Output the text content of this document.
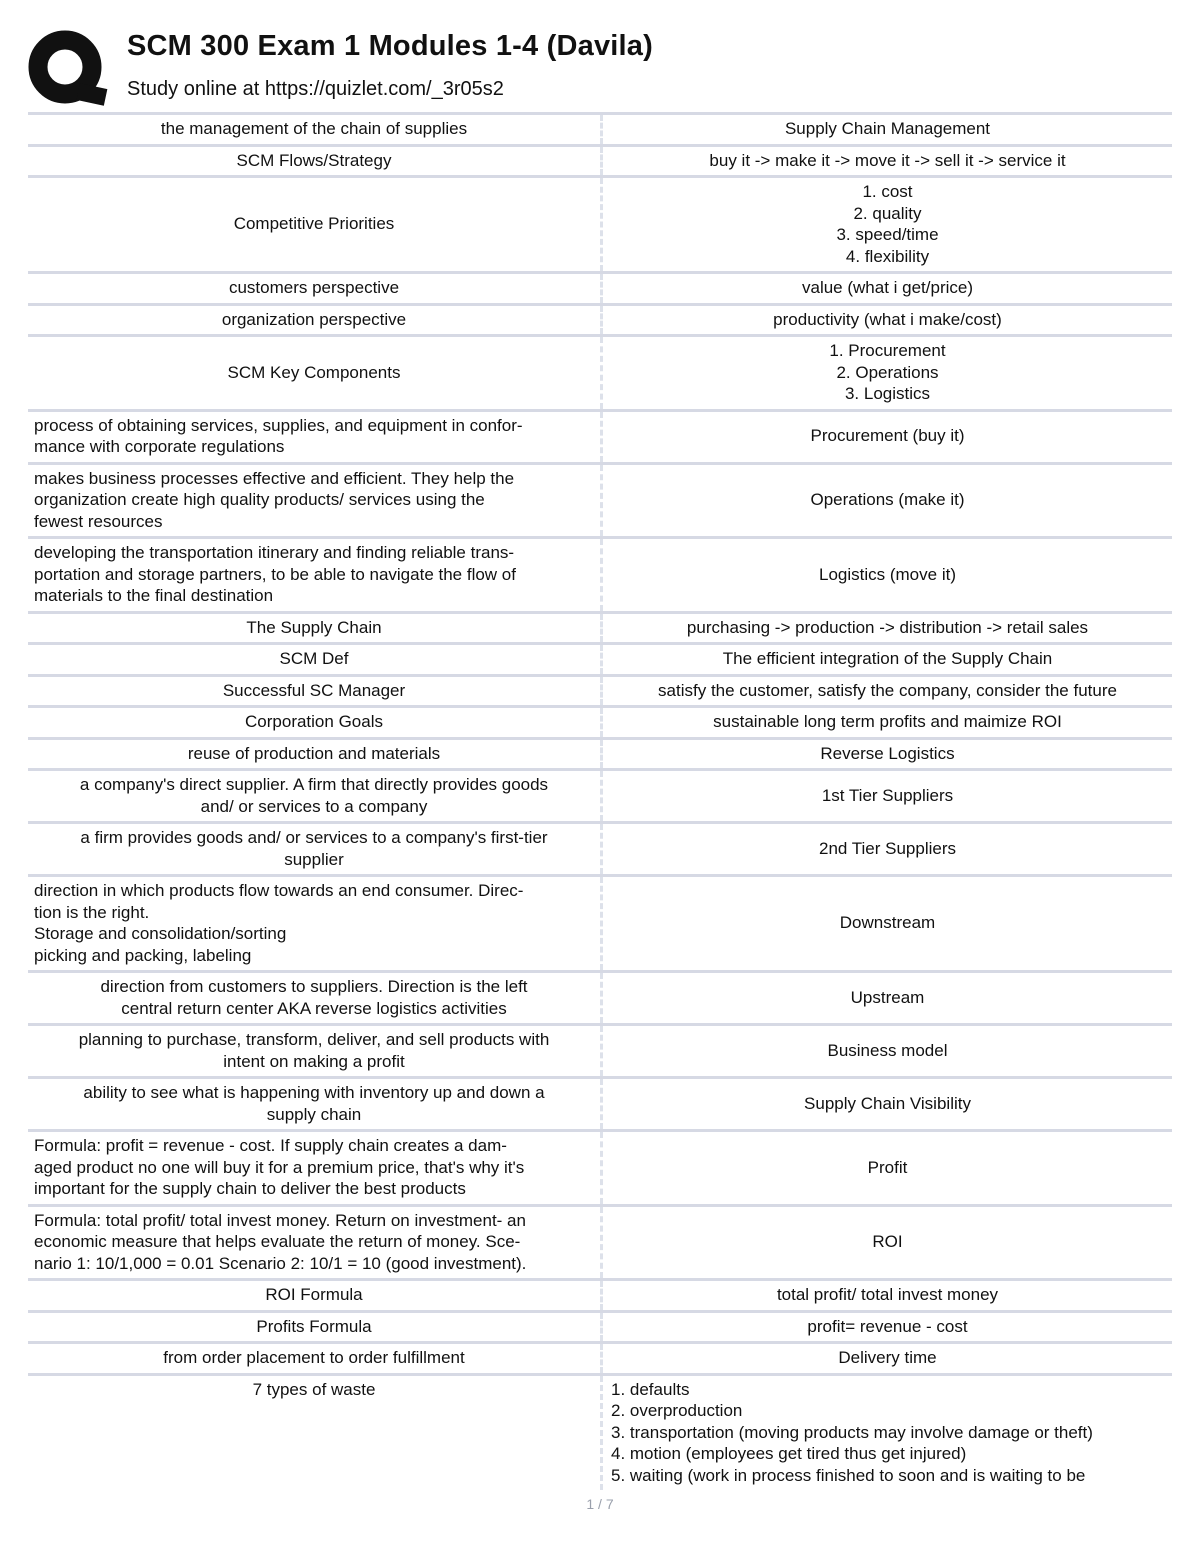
SCM 300 Exam 1 Modules 1-4 (Davila)
Study online at https://quizlet.com/_3r05s2
the management of the chain of supplies	Supply Chain Management
SCM Flows/Strategy	buy it -> make it -> move it -> sell it -> service it
Competitive Priorities	1. cost
2. quality
3. speed/time
4. flexibility
customers perspective	value (what i get/price)
organization perspective	productivity (what i make/cost)
SCM Key Components	1. Procurement
2. Operations
3. Logistics
process of obtaining services, supplies, and equipment in confor-
mance with corporate regulations	Procurement (buy it)
makes business processes effective and efficient. They help the
organization create high quality products/ services using the
fewest resources	Operations (make it)
developing the transportation itinerary and finding reliable trans-
portation and storage partners, to be able to navigate the flow of
materials to the final destination	Logistics (move it)
The Supply Chain	purchasing -> production -> distribution -> retail sales
SCM Def	The efficient integration of the Supply Chain
Successful SC Manager	satisfy the customer, satisfy the company, consider the future
Corporation Goals	sustainable long term profits and maimize ROI
reuse of production and materials	Reverse Logistics
a company's direct supplier. A firm that directly provides goods
and/ or services to a company	1st Tier Suppliers
a firm provides goods and/ or services to a company's first-tier
supplier	2nd Tier Suppliers
direction in which products flow towards an end consumer. Direc-
tion is the right.
Storage and consolidation/sorting
picking and packing, labeling	Downstream
direction from customers to suppliers. Direction is the left
central return center AKA reverse logistics activities	Upstream
planning to purchase, transform, deliver, and sell products with
intent on making a profit	Business model
ability to see what is happening with inventory up and down a
supply chain	Supply Chain Visibility
Formula: profit = revenue - cost. If supply chain creates a dam-
aged product no one will buy it for a premium price, that's why it's
important for the supply chain to deliver the best products	Profit
Formula: total profit/ total invest money. Return on investment- an
economic measure that helps evaluate the return of money. Sce-
nario 1: 10/1,000 = 0.01 Scenario 2: 10/1 = 10 (good investment).	ROI
ROI Formula	total profit/ total invest money
Profits Formula	profit= revenue - cost
from order placement to order fulfillment	Delivery time
7 types of waste	1. defaults
2. overproduction
3. transportation (moving products may involve damage or theft)
4. motion (employees get tired thus get injured)
5. waiting (work in process finished to soon and is waiting to be
1 / 7
